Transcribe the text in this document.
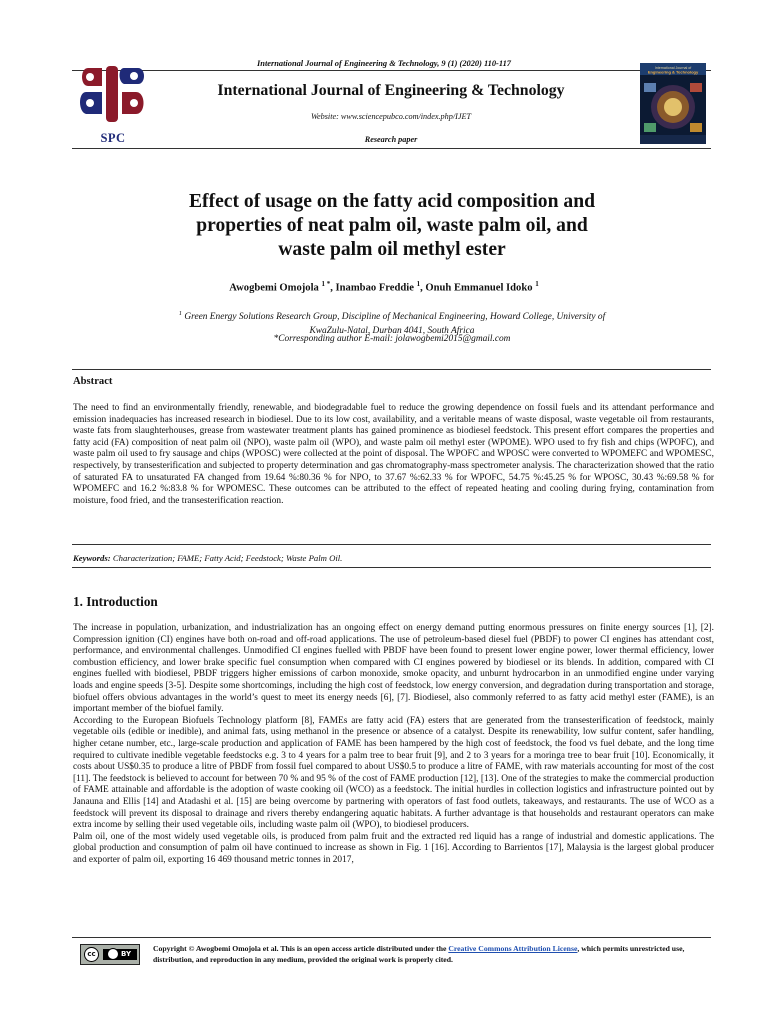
International Journal of Engineering & Technology, 9 (1) (2020) 110-117
SPC
International Journal of Engineering & Technology
Website: www.sciencepubco.com/index.php/IJET
Research paper
International Journal of
Engineering & Technology
Effect of usage on the fatty acid composition and
properties of neat palm oil, waste palm oil, and
waste palm oil methyl ester
Awogbemi Omojola $^{1 *}$, Inambao Freddie $^1$, Onuh Emmanuel Idoko $^1$
$^1$ Green Energy Solutions Research Group, Discipline of Mechanical Engineering, Howard College, University of
KwaZulu-Natal, Durban 4041, South Africa
*Corresponding author E-mail: jolawogbemi2015@gmail.com
Abstract

The need to find an environmentally friendly, renewable, and biodegradable fuel to reduce the growing dependence on fossil fuels and its attendant performance and emission inadequacies has increased research in biodiesel. Due to its low cost, availability, and a veritable means of waste disposal, waste vegetable oil from restaurants, waste fats from slaughterhouses, grease from wastewater treatment plants has gained prominence as biodiesel feedstock. This present effort compares the properties and fatty acid (FA) composition of neat palm oil (NPO), waste palm oil (WPO), and waste palm oil methyl ester (WPOME). WPO used to fry fish and chips (WPOFC), and waste palm oil used to fry sausage and chips (WPOSC) were collected at the point of disposal. The WPOFC and WPOSC were converted to WPOMEFC and WPOMESC, respectively, by transesterification and subjected to property determination and gas chromatography-mass spectrometer analysis. The characterization showed that the ratio of saturated FA to unsaturated FA changed from 19.64 %:80.36 % for NPO, to 37.67 %:62.33 % for WPOFC, 54.75 %:45.25 % for WPOSC, 30.43 %:69.58 % for WPOMEFC and 16.2 %:83.8 % for WPOMESC. These outcomes can be attributed to the effect of repeated heating and cooling during frying, contamination from moisture, food fried, and the transesterification reaction.

Keywords: Characterization; FAME; Fatty Acid; Feedstock; Waste Palm Oil.
1. Introduction

The increase in population, urbanization, and industrialization has an ongoing effect on energy demand putting enormous pressures on finite energy sources [1], [2]. Compression ignition (CI) engines have both on-road and off-road applications. The use of petroleum-based diesel fuel (PBDF) to power CI engines has attendant cost, performance, and environmental challenges. Unmodified CI engines fuelled with PBDF have been found to present lower engine power, lower thermal efficiency, lower combustion efficiency, and lower brake specific fuel consumption when compared with CI engines powered by biodiesel or its blends. In addition, compared with CI engines fuelled with biodiesel, PBDF triggers higher emissions of carbon monoxide, smoke opacity, and unburnt hydrocarbon in an unmodified engine under varying loads and engine speeds [3-5]. Despite some shortcomings, including the high cost of feedstock, low energy conversion, and degradation during transportation and storage, biofuel offers obvious advantages in the world’s quest to meet its energy needs [6], [7]. Biodiesel, also commonly referred to as fatty acid methyl ester (FAME), is an important member of the biofuel family.

According to the European Biofuels Technology platform [8], FAMEs are fatty acid (FA) esters that are generated from the transesterification of feedstock, mainly vegetable oils (edible or inedible), and animal fats, using methanol in the presence or absence of a catalyst. Despite its renewability, low sulfur content, safer handling, higher cetane number, etc., large-scale production and application of FAME has been hampered by the high cost of feedstock, the food vs fuel debate, and the long time required to cultivate inedible vegetable feedstocks e.g. 3 to 4 years for a palm tree to bear fruit [9], and 2 to 3 years for a moringa tree to bear fruit [10]. Economically, it costs about US$0.35 to produce a litre of PBDF from fossil fuel compared to about US$0.5 to produce a litre of FAME, with raw materials accounting for most of the cost [11]. The feedstock is believed to account for between 70 % and 95 % of the cost of FAME production [12], [13]. One of the strategies to make the commercial production of FAME attainable and affordable is the adoption of waste cooking oil (WCO) as a feedstock. The initial hurdles in collection logistics and infrastructure pointed out by Janauna and Ellis [14] and Atadashi et al. [15] are being overcome by partnering with operators of fast food outlets, takeaways, and restaurants. The use of WCO as a feedstock will prevent its disposal to drainage and rivers thereby endangering aquatic habitats. A further advantage is that households and restaurant operators can make extra income by selling their used vegetable oils, including waste palm oil (WPO), to biodiesel producers.

Palm oil, one of the most widely used vegetable oils, is produced from palm fruit and the extracted red liquid has a range of industrial and domestic applications. The global production and consumption of palm oil have continued to increase as shown in Fig. 1 [16]. According to Barrientos [17], Malaysia is the largest global producer and exporter of palm oil, exporting 16 469 thousand metric tonnes in 2017,

cc	BY
Copyright © Awogbemi Omojola et al. This is an open access article distributed under the Creative Commons Attribution License, which permits unrestricted use, distribution, and reproduction in any medium, provided the original work is properly cited.
